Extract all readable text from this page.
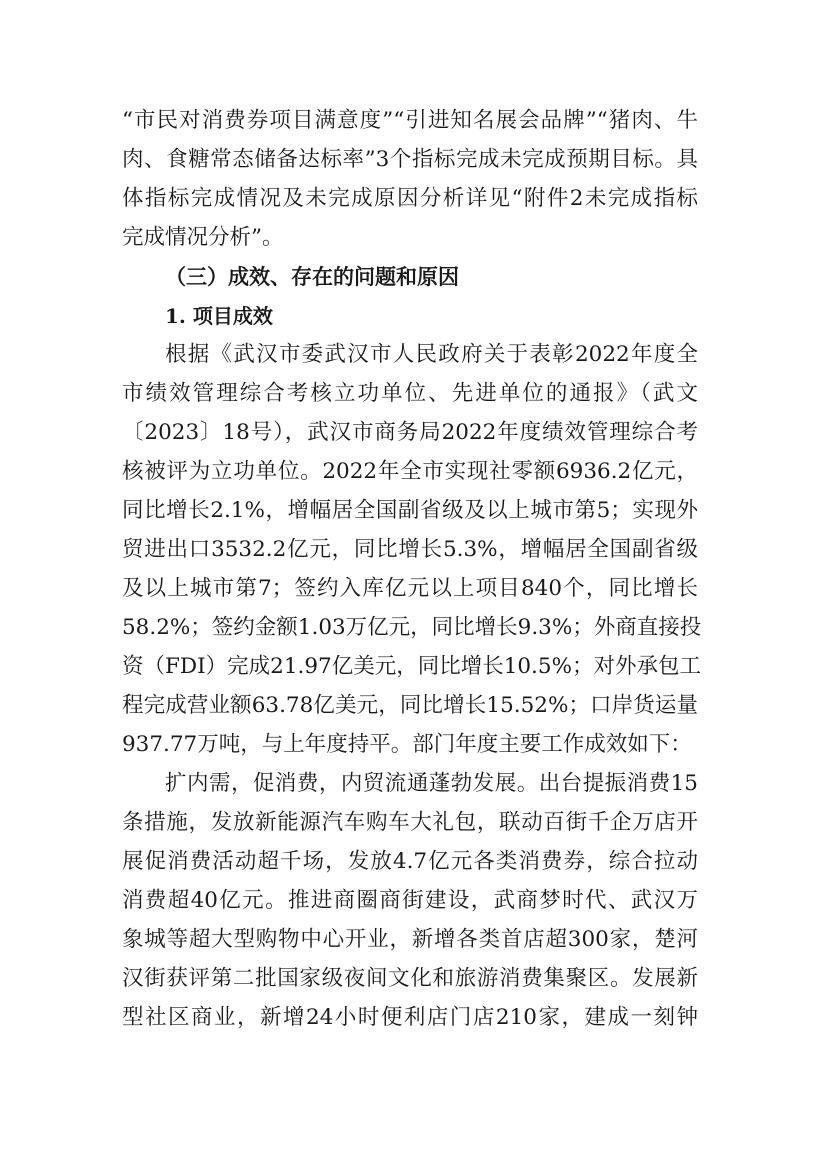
“市民对消费券项目满意度”“引进知名展会品牌”“猪肉、牛
肉、食糖常态储备达标率”3个指标完成未完成预期目标。具
体指标完成情况及未完成原因分析详见“附件2未完成指标
完成情况分析”。
（三）成效、存在的问题和原因
1. 项目成效
根据《武汉市委武汉市人民政府关于表彰2022年度全
市绩效管理综合考核立功单位、先进单位的通报》（武文
〔2023〕18号），武汉市商务局2022年度绩效管理综合考
核被评为立功单位。2022年全市实现社零额6936.2亿元，
同比增长2.1%，增幅居全国副省级及以上城市第5；实现外
贸进出口3532.2亿元，同比增长5.3%，增幅居全国副省级
及以上城市第7；签约入库亿元以上项目840个，同比增长
58.2%；签约金额1.03万亿元，同比增长9.3%；外商直接投
资（FDI）完成21.97亿美元，同比增长10.5%；对外承包工
程完成营业额63.78亿美元，同比增长15.52%；口岸货运量
937.77万吨，与上年度持平。部门年度主要工作成效如下：
扩内需，促消费，内贸流通蓬勃发展。出台提振消费15
条措施，发放新能源汽车购车大礼包，联动百街千企万店开
展促消费活动超千场，发放4.7亿元各类消费券，综合拉动
消费超40亿元。推进商圈商街建设，武商梦时代、武汉万
象城等超大型购物中心开业，新增各类首店超300家，楚河
汉街获评第二批国家级夜间文化和旅游消费集聚区。发展新
型社区商业，新增24小时便利店门店210家，建成一刻钟
